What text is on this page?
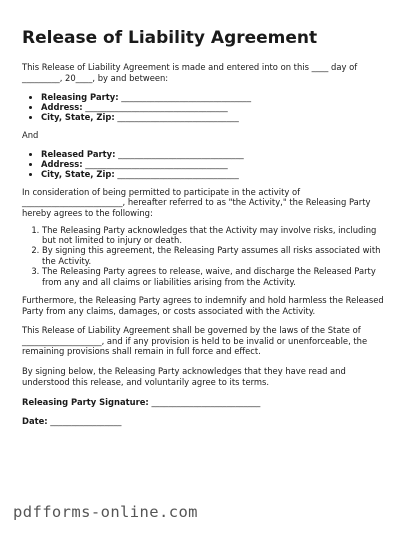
Release of Liability Agreement

This Release of Liability Agreement is made and entered into on this ____ day of _________, 20____, by and between:

• Releasing Party: _______________________________
• Address: __________________________________
• City, State, Zip: _____________________________

And

• Released Party: ______________________________
• Address: __________________________________
• City, State, Zip: _____________________________

In consideration of being permitted to participate in the activity of ________________________, hereafter referred to as "the Activity," the Releasing Party hereby agrees to the following:

1. The Releasing Party acknowledges that the Activity may involve risks, including but not limited to injury or death.
2. By signing this agreement, the Releasing Party assumes all risks associated with the Activity.
3. The Releasing Party agrees to release, waive, and discharge the Released Party from any and all claims or liabilities arising from the Activity.

Furthermore, the Releasing Party agrees to indemnify and hold harmless the Released Party from any claims, damages, or costs associated with the Activity.

This Release of Liability Agreement shall be governed by the laws of the State of ___________________, and if any provision is held to be invalid or unenforceable, the remaining provisions shall remain in full force and effect.

By signing below, the Releasing Party acknowledges that they have read and understood this release, and voluntarily agree to its terms.

Releasing Party Signature: __________________________
Date: _________________
pdfforms-online.com
